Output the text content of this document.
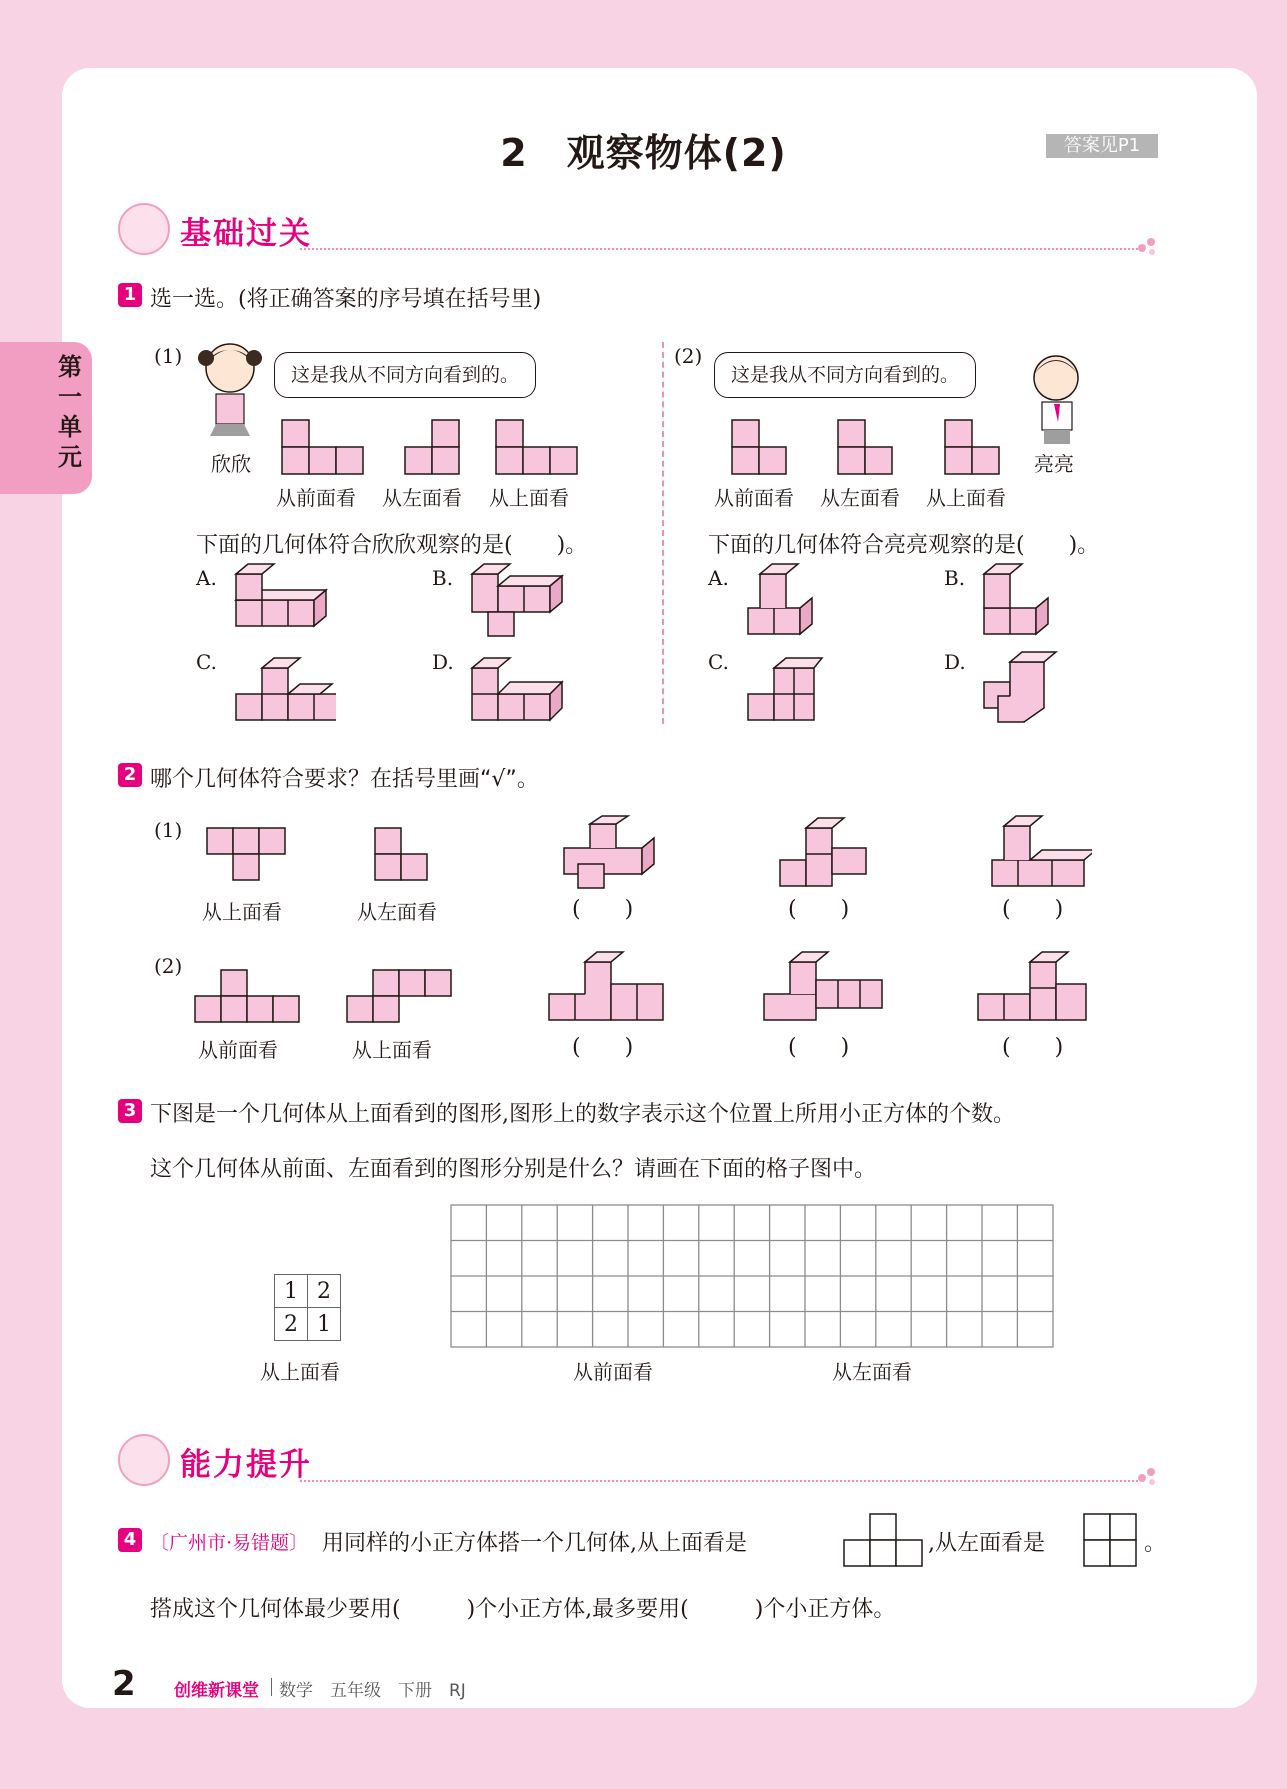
2　观察物体(2)	答案见P1
第一单元
基础过关
1 选一选。(将正确答案的序号填在括号里)
(1)
欣欣
这是我从不同方向看到的。
从前面看 从左面看 从上面看
下面的几何体符合欣欣观察的是(　　)。
A.	B.
C.	D.
(2)
这是我从不同方向看到的。
亮亮
从前面看 从左面看 从上面看
下面的几何体符合亮亮观察的是(　　)。
A.	B.
C.	D.
2 哪个几何体符合要求？在括号里画“√”。
(1)
从上面看	从左面看	(　　)	(　　)	(　　)
(2)
从前面看	从上面看	(　　)	(　　)	(　　)
3 下图是一个几何体从上面看到的图形,图形上的数字表示这个位置上所用小正方体的个数。
这个几何体从前面、左面看到的图形分别是什么？请画在下面的格子图中。
1	2
2	1
从上面看	从前面看	从左面看
能力提升
4 〔广州市·易错题〕 用同样的小正方体搭一个几何体,从上面看是	,从左面看是	。
搭成这个几何体最少要用(　　　)个小正方体,最多要用(　　　)个小正方体。
2 创维新课堂 数学　五年级　下册　RJ
